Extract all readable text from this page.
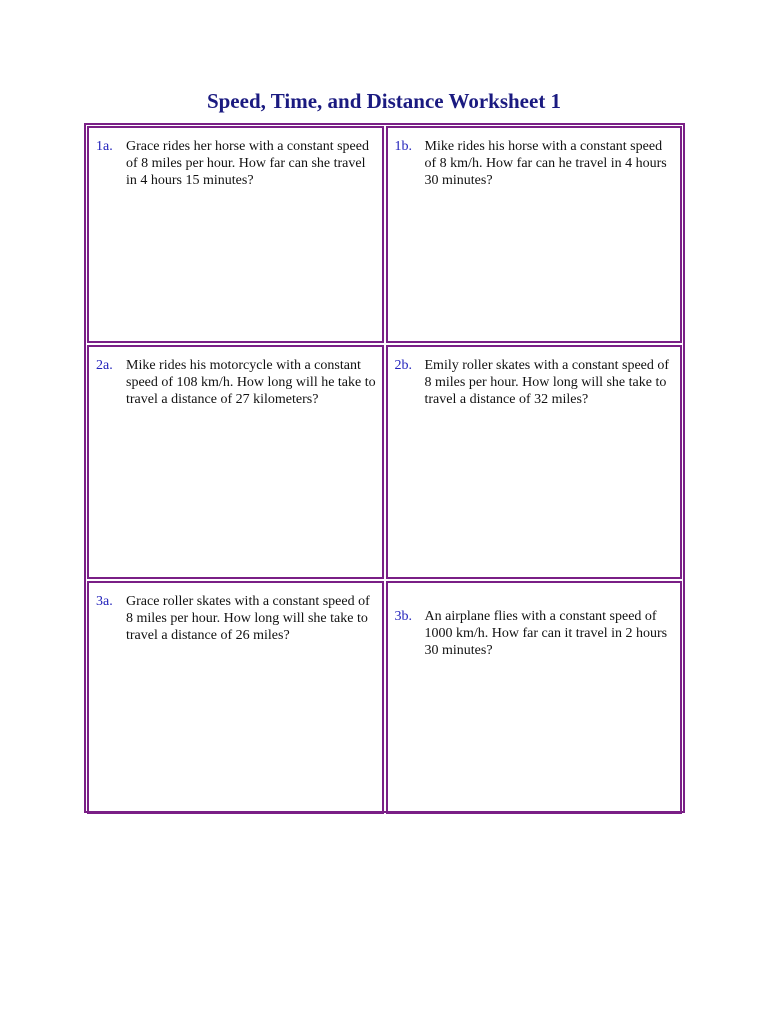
Speed, Time, and Distance Worksheet 1
1a. Grace rides her horse with a constant speed of 8 miles per hour. How far can she travel in 4 hours 15 minutes?
1b. Mike rides his horse with a constant speed of 8 km/h. How far can he travel in 4 hours 30 minutes?
2a. Mike rides his motorcycle with a constant speed of 108 km/h. How long will he take to travel a distance of 27 kilometers?
2b. Emily roller skates with a constant speed of 8 miles per hour. How long will she take to travel a distance of 32 miles?
3a. Grace roller skates with a constant speed of 8 miles per hour. How long will she take to travel a distance of 26 miles?
3b. An airplane flies with a constant speed of 1000 km/h. How far can it travel in 2 hours 30 minutes?
